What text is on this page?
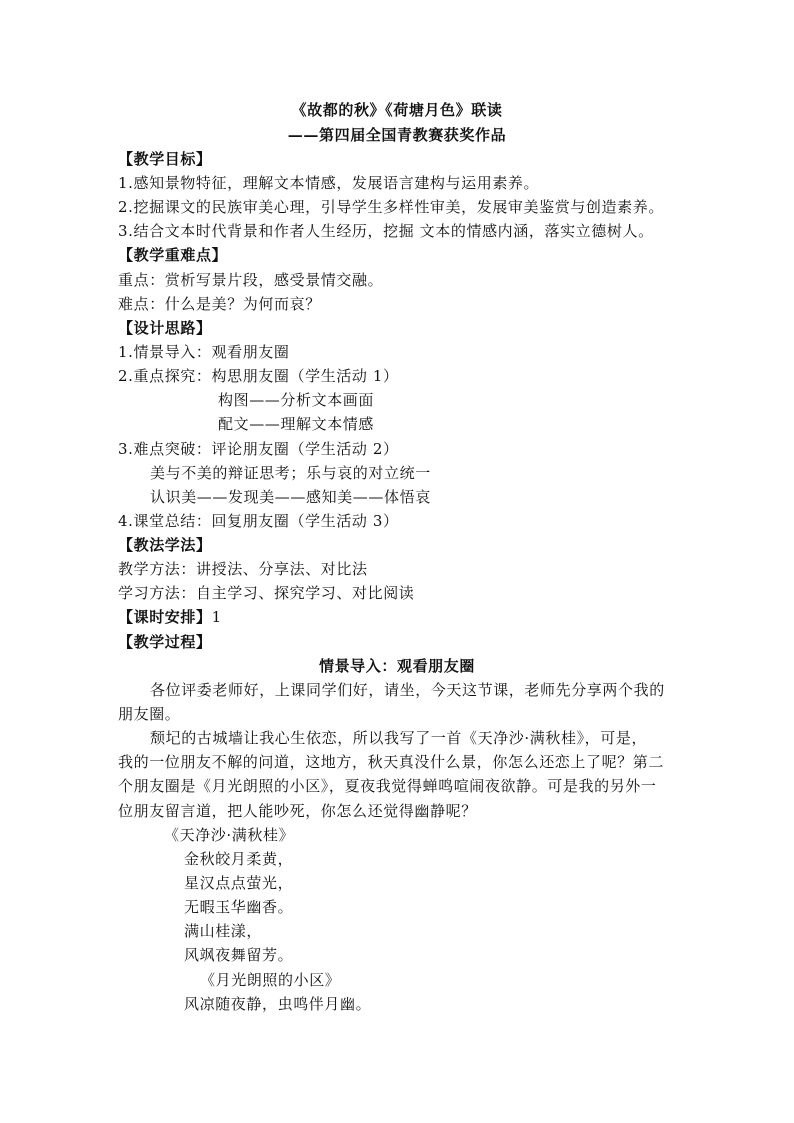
《故都的秋》《荷塘月色》联读
——第四届全国青教赛获奖作品
【教学目标】
1.感知景物特征，理解文本情感，发展语言建构与运用素养。
2.挖掘课文的民族审美心理，引导学生多样性审美，发展审美鉴赏与创造素养。
3.结合文本时代背景和作者人生经历，挖掘 文本的情感内涵，落实立德树人。
【教学重难点】
重点：赏析写景片段，感受景情交融。
难点：什么是美？为何而哀？
【设计思路】
1.情景导入：观看朋友圈
2.重点探究：构思朋友圈（学生活动 1）
构图——分析文本画面
配文——理解文本情感
3.难点突破：评论朋友圈（学生活动 2）
美与不美的辩证思考；乐与哀的对立统一
认识美——发现美——感知美——体悟哀
4.课堂总结：回复朋友圈（学生活动 3）
【教法学法】
教学方法：讲授法、分享法、对比法
学习方法：自主学习、探究学习、对比阅读
【课时安排】1
【教学过程】
情景导入：观看朋友圈
各位评委老师好，上课同学们好，请坐，今天这节课，老师先分享两个我的
朋友圈。
颓圮的古城墙让我心生依恋，所以我写了一首《天净沙·满秋桂》，可是，
我的一位朋友不解的问道，这地方，秋天真没什么景，你怎么还恋上了呢？第二
个朋友圈是《月光朗照的小区》，夏夜我觉得蝉鸣喧闹夜欲静。可是我的另外一
位朋友留言道，把人能吵死，你怎么还觉得幽静呢？
《天净沙·满秋桂》
金秋皎月柔黄，
星汉点点萤光，
无暇玉华幽香。
满山桂漾，
风飒夜舞留芳。
《月光朗照的小区》
风凉随夜静，虫鸣伴月幽。
